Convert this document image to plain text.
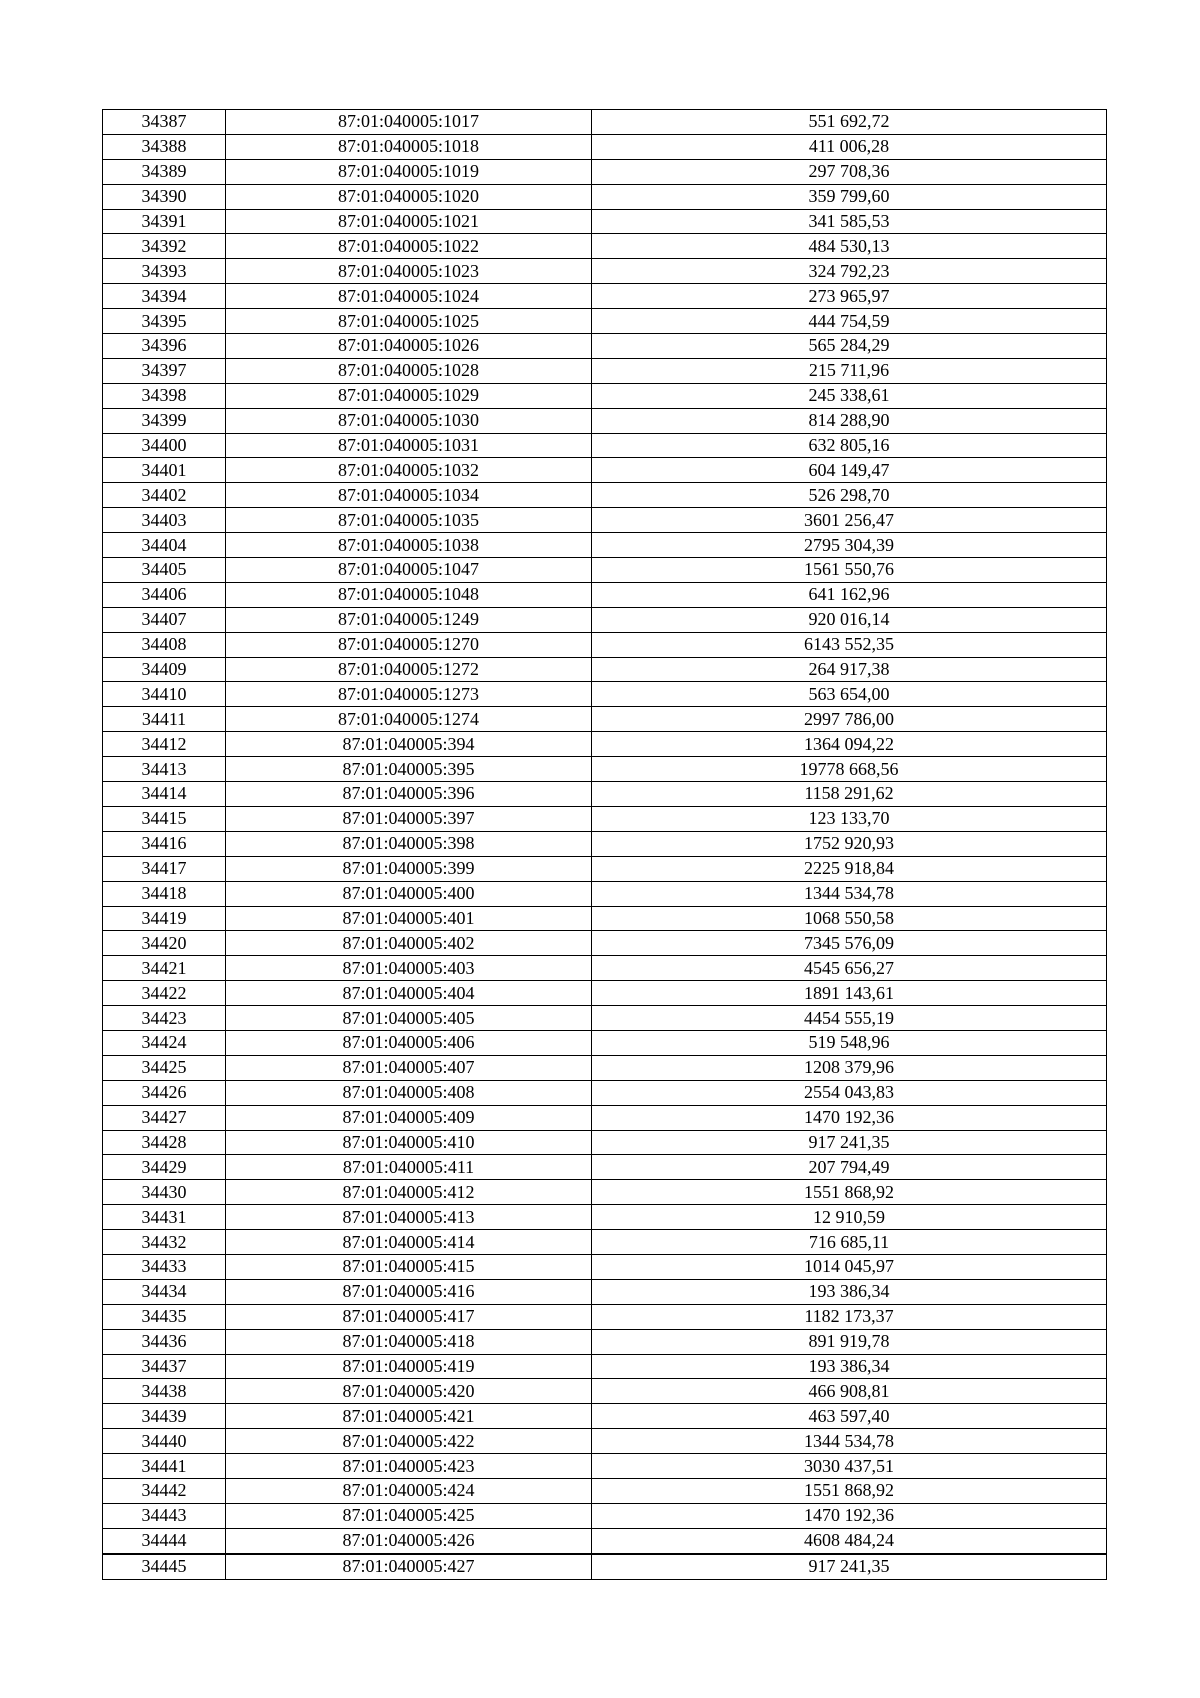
34387	87:01:040005:1017	551 692,72
34388	87:01:040005:1018	411 006,28
34389	87:01:040005:1019	297 708,36
34390	87:01:040005:1020	359 799,60
34391	87:01:040005:1021	341 585,53
34392	87:01:040005:1022	484 530,13
34393	87:01:040005:1023	324 792,23
34394	87:01:040005:1024	273 965,97
34395	87:01:040005:1025	444 754,59
34396	87:01:040005:1026	565 284,29
34397	87:01:040005:1028	215 711,96
34398	87:01:040005:1029	245 338,61
34399	87:01:040005:1030	814 288,90
34400	87:01:040005:1031	632 805,16
34401	87:01:040005:1032	604 149,47
34402	87:01:040005:1034	526 298,70
34403	87:01:040005:1035	3601 256,47
34404	87:01:040005:1038	2795 304,39
34405	87:01:040005:1047	1561 550,76
34406	87:01:040005:1048	641 162,96
34407	87:01:040005:1249	920 016,14
34408	87:01:040005:1270	6143 552,35
34409	87:01:040005:1272	264 917,38
34410	87:01:040005:1273	563 654,00
34411	87:01:040005:1274	2997 786,00
34412	87:01:040005:394	1364 094,22
34413	87:01:040005:395	19778 668,56
34414	87:01:040005:396	1158 291,62
34415	87:01:040005:397	123 133,70
34416	87:01:040005:398	1752 920,93
34417	87:01:040005:399	2225 918,84
34418	87:01:040005:400	1344 534,78
34419	87:01:040005:401	1068 550,58
34420	87:01:040005:402	7345 576,09
34421	87:01:040005:403	4545 656,27
34422	87:01:040005:404	1891 143,61
34423	87:01:040005:405	4454 555,19
34424	87:01:040005:406	519 548,96
34425	87:01:040005:407	1208 379,96
34426	87:01:040005:408	2554 043,83
34427	87:01:040005:409	1470 192,36
34428	87:01:040005:410	917 241,35
34429	87:01:040005:411	207 794,49
34430	87:01:040005:412	1551 868,92
34431	87:01:040005:413	12 910,59
34432	87:01:040005:414	716 685,11
34433	87:01:040005:415	1014 045,97
34434	87:01:040005:416	193 386,34
34435	87:01:040005:417	1182 173,37
34436	87:01:040005:418	891 919,78
34437	87:01:040005:419	193 386,34
34438	87:01:040005:420	466 908,81
34439	87:01:040005:421	463 597,40
34440	87:01:040005:422	1344 534,78
34441	87:01:040005:423	3030 437,51
34442	87:01:040005:424	1551 868,92
34443	87:01:040005:425	1470 192,36
34444	87:01:040005:426	4608 484,24
34445	87:01:040005:427	917 241,35
